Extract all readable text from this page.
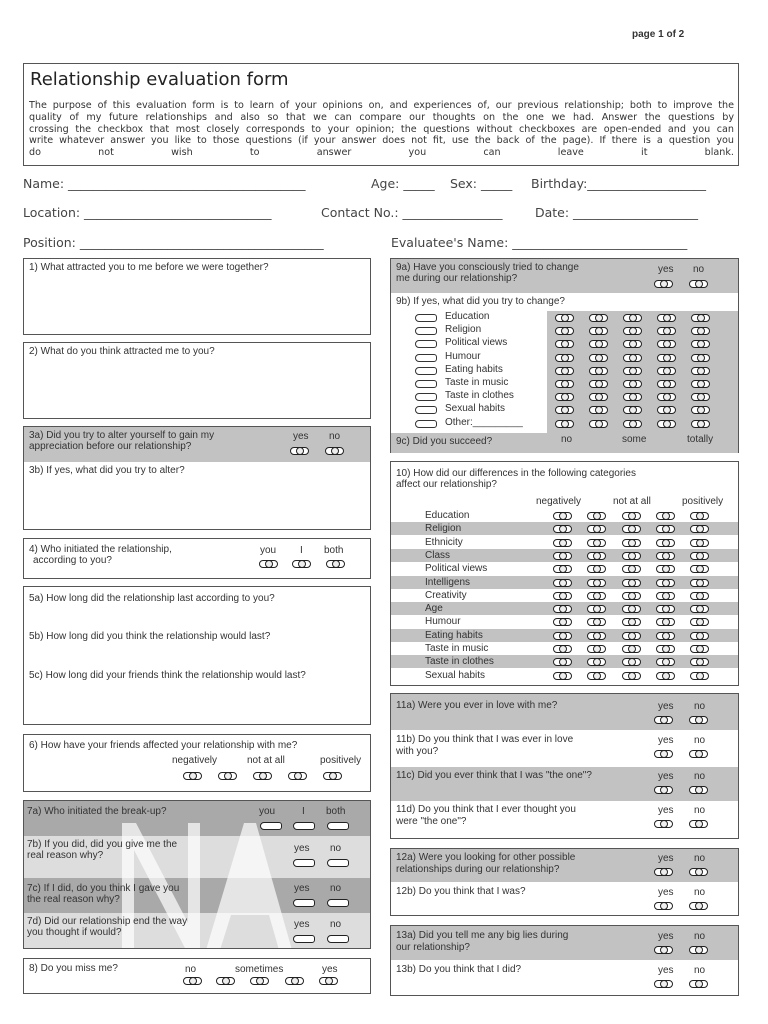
page 1 of 2
Relationship evaluation form
The purpose of this evaluation form is to learn of your opinions on, and experiences of, our previous relationship; both to improve the
quality of my future relationships and also so that we can compare our thoughts on the one we had. Answer the questions by
crossing the checkbox that most closely corresponds to your opinion; the questions without checkboxes are open-ended and you can
write whatever answer you like to those questions (if your answer does not fit, use the back of the page). If there is a question you
do not wish to answer you can leave it blank.
Name: ______________________________________	Age: _____ Sex: _____ Birthday:___________________
Location: ______________________________	Contact No.: ________________	Date: ____________________
Position: _______________________________________	Evaluatee's Name: ____________________________
1) What attracted you to me before we were together?
2) What do you think attracted me to you?
3a) Did you try to alter yourself to gain my
appreciation before our relationship?
yes no
3b) If yes, what did you try to alter?
4) Who initiated the relationship,
according to you?
you I both
5a) How long did the relationship last according to you?
5b) How long did you think the relationship would last?
5c) How long did your friends think the relationship would last?
6) How have your friends affected your relationship with me?
negatively	not at all	positively
7a) Who initiated the break-up?	you	I both
7b) If you did, did you give me the
real reason why?
yes no
7c) If I did, do you think I gave you
the real reason why?
yes no
7d) Did our relationship end the way
you thought if would?
yes no
8) Do you miss me?	no	sometimes	yes
9a) Have you consciously tried to change
me during our relationship?
yes no
9b) If yes, what did you try to change?
9c) Did you succeed?	no	some	totally
Education
Religion
Political views
Humour
Eating habits
Taste in music
Taste in clothes
Sexual habits
Other:_________
10) How did our differences in the following categories
affect our relationship?
negatively	not at all	positively
Education
Religion
Ethnicity
Class
Political views
Intelligens
Creativity
Age
Humour
Eating habits
Taste in music
Taste in clothes
Sexual habits
11a) Were you ever in love with me?	yes no
11b) Do you think that I was ever in love
with you?
yes no
11c) Did you ever think that I was "the one"?	yes no
11d) Do you think that I ever thought you
were "the one"?
yes no
12a) Were you looking for other possible
relationships during our relationship?
yes no
12b) Do you think that I was?	yes no
13a) Did you tell me any big lies during
our relationship?
yes no
13b) Do you think that I did?	yes no
